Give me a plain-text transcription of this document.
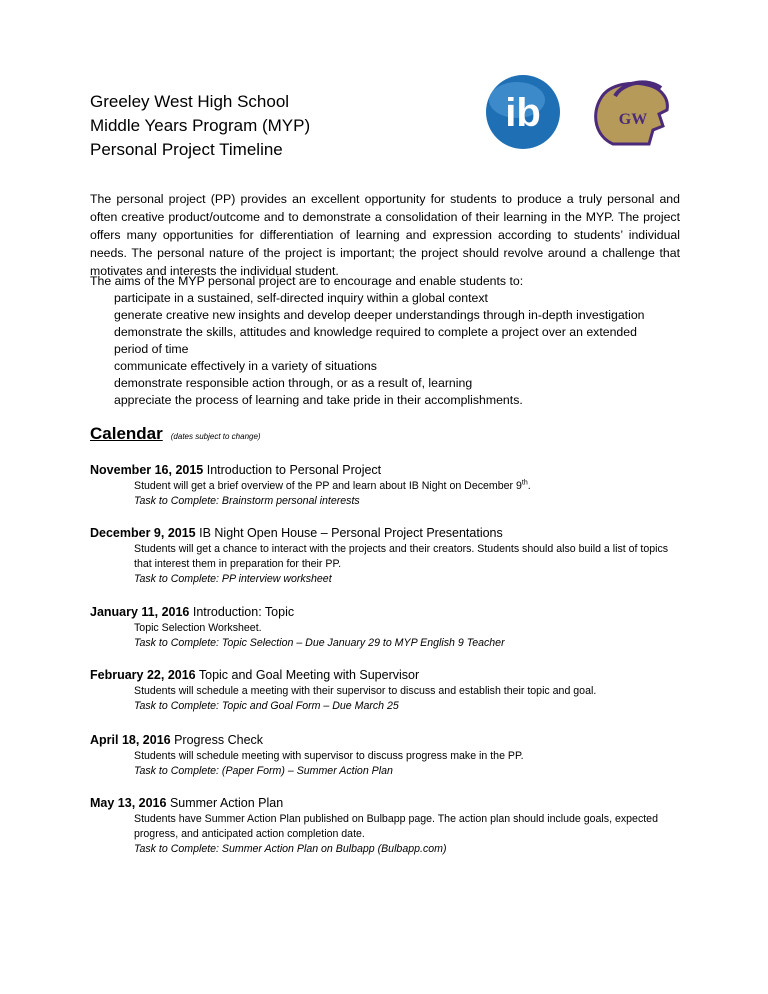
Greeley West High School
Middle Years Program (MYP)
Personal Project Timeline
ib	GW
The personal project (PP) provides an excellent opportunity for students to produce a truly personal and often creative product/outcome and to demonstrate a consolidation of their learning in the MYP. The project offers many opportunities for differentiation of learning and expression according to students’ individual needs. The personal nature of the project is important; the project should revolve around a challenge that motivates and interests the individual student.
The aims of the MYP personal project are to encourage and enable students to:
participate in a sustained, self-directed inquiry within a global context
generate creative new insights and develop deeper understandings through in-depth investigation
demonstrate the skills, attitudes and knowledge required to complete a project over an extended period of time
communicate effectively in a variety of situations
demonstrate responsible action through, or as a result of, learning
appreciate the process of learning and take pride in their accomplishments.
Calendar (dates subject to change)
November 16, 2015 Introduction to Personal Project
Student will get a brief overview of the PP and learn about IB Night on December 9th.
Task to Complete: Brainstorm personal interests
December 9, 2015 IB Night Open House – Personal Project Presentations
Students will get a chance to interact with the projects and their creators. Students should also build a list of topics that interest them in preparation for their PP.
Task to Complete: PP interview worksheet
January 11, 2016 Introduction: Topic
Topic Selection Worksheet.
Task to Complete: Topic Selection – Due January 29 to MYP English 9 Teacher
February 22, 2016 Topic and Goal Meeting with Supervisor
Students will schedule a meeting with their supervisor to discuss and establish their topic and goal.
Task to Complete: Topic and Goal Form – Due March 25
April 18, 2016 Progress Check
Students will schedule meeting with supervisor to discuss progress make in the PP.
Task to Complete: (Paper Form) – Summer Action Plan
May 13, 2016 Summer Action Plan
Students have Summer Action Plan published on Bulbapp page. The action plan should include goals, expected progress, and anticipated action completion date.
Task to Complete: Summer Action Plan on Bulbapp (Bulbapp.com)
